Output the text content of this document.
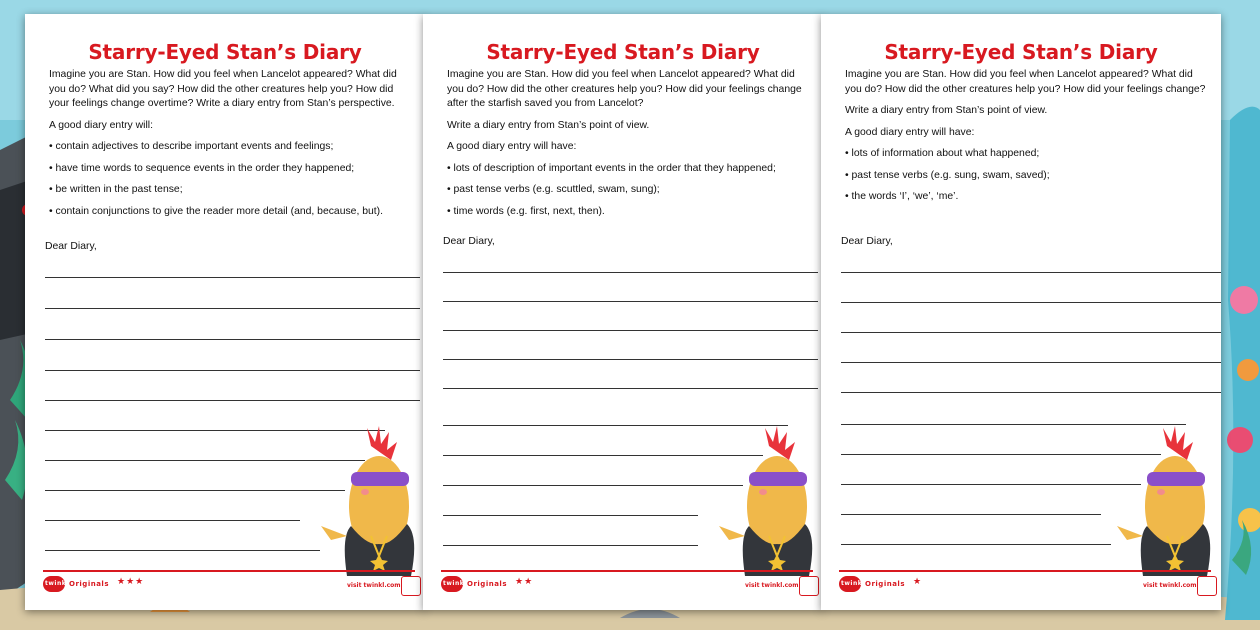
Starry-Eyed Stan’s Diary

Imagine you are Stan. How did you feel when Lancelot appeared? What did you do? What did you say? How did the other creatures help you? How did your feelings change overtime? Write a diary entry from Stan’s perspective.

A good diary entry will:

• contain adjectives to describe important events and feelings;
• have time words to sequence events in the order they happened;
• be written in the past tense;
• contain conjunctions to give the reader more detail (and, because, but).
Dear Diary,
twinkl Originals ★★★	visit twinkl.com
Starry-Eyed Stan’s Diary

Imagine you are Stan. How did you feel when Lancelot appeared? What did you do? How did the other creatures help you? How did your feelings change after the starfish saved you from Lancelot?

Write a diary entry from Stan’s point of view.

A good diary entry will have:

• lots of description of important events in the order that they happened;
• past tense verbs (e.g. scuttled, swam, sung);
• time words (e.g. first, next, then).
Dear Diary,
twinkl Originals ★★	visit twinkl.com
Starry-Eyed Stan’s Diary

Imagine you are Stan. How did you feel when Lancelot appeared? What did you do? How did the other creatures help you? How did your feelings change?

Write a diary entry from Stan’s point of view.

A good diary entry will have:

• lots of information about what happened;
• past tense verbs (e.g. sung, swam, saved);
• the words ‘I’, ‘we’, ‘me’.
Dear Diary,
twinkl Originals ★	visit twinkl.com
